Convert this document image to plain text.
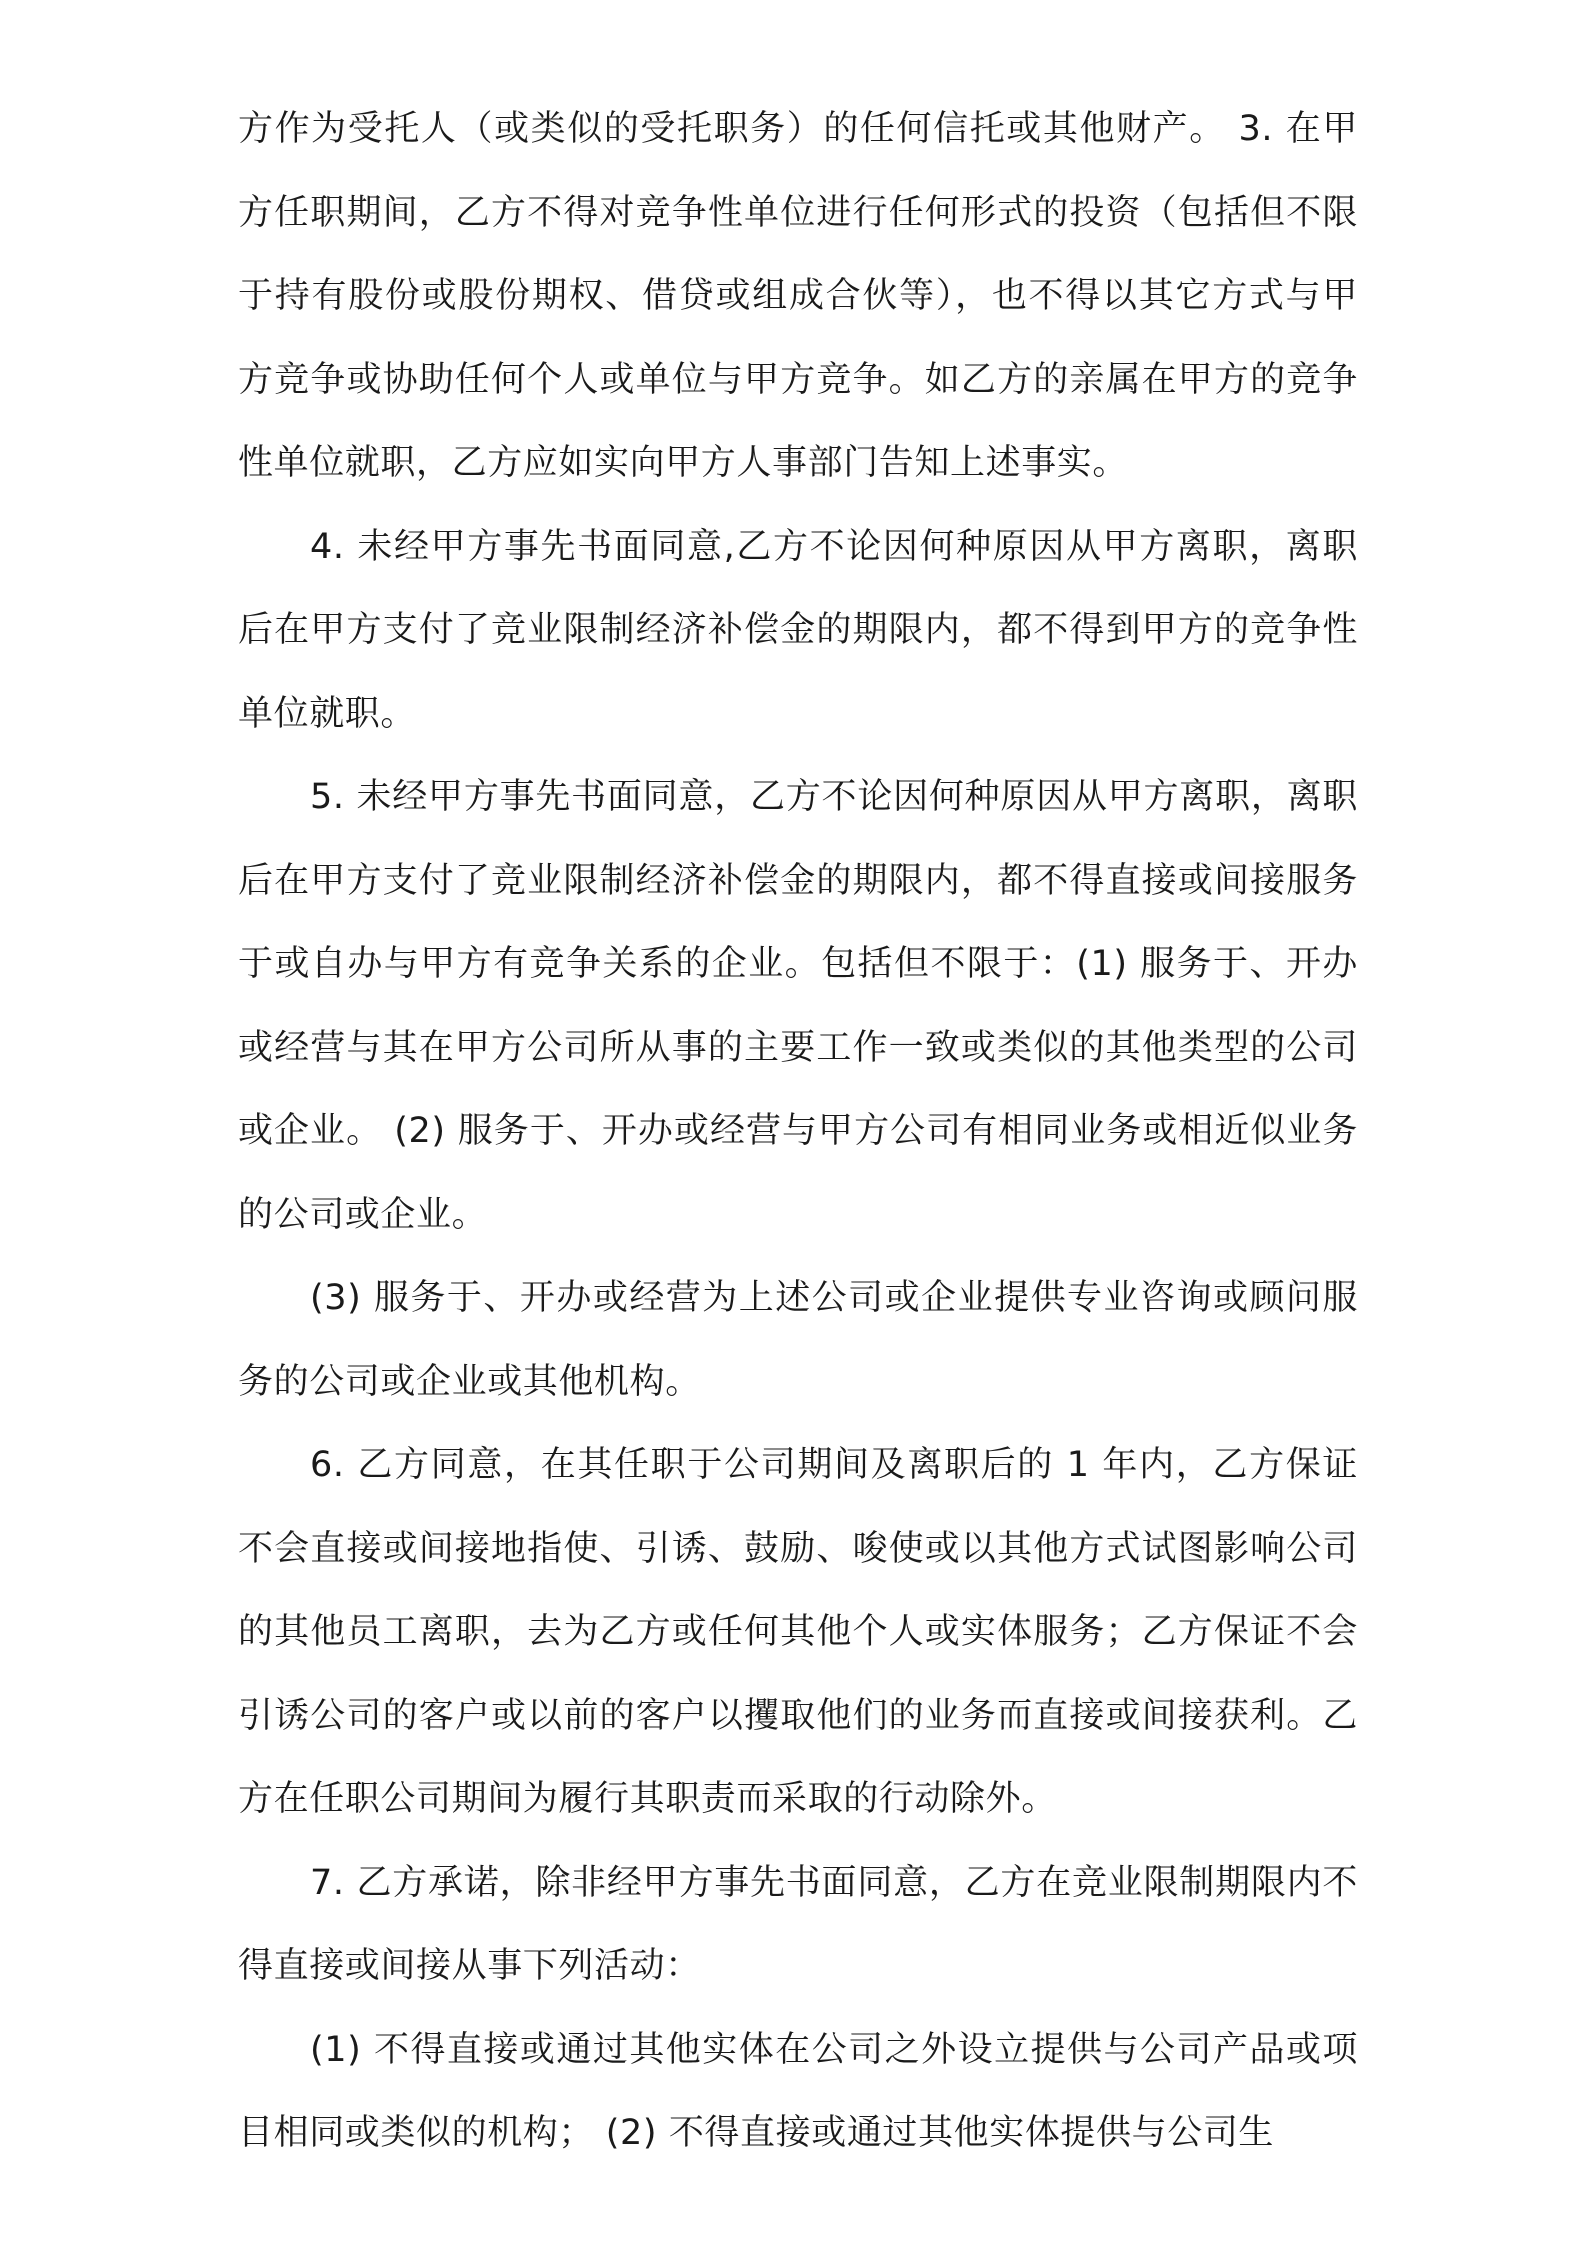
方作为受托人（或类似的受托职务）的任何信托或其他财产。 3. 在甲方任职期间，乙方不得对竞争性单位进行任何形式的投资（包括但不限于持有股份或股份期权、借贷或组成合伙等），也不得以其它方式与甲方竞争或协助任何个人或单位与甲方竞争。如乙方的亲属在甲方的竞争性单位就职，乙方应如实向甲方人事部门告知上述事实。

4. 未经甲方事先书面同意,乙方不论因何种原因从甲方离职，离职后在甲方支付了竞业限制经济补偿金的期限内，都不得到甲方的竞争性单位就职。

5. 未经甲方事先书面同意，乙方不论因何种原因从甲方离职，离职后在甲方支付了竞业限制经济补偿金的期限内，都不得直接或间接服务于或自办与甲方有竞争关系的企业。包括但不限于：(1) 服务于、开办或经营与其在甲方公司所从事的主要工作一致或类似的其他类型的公司或企业。 (2) 服务于、开办或经营与甲方公司有相同业务或相近似业务的公司或企业。

(3) 服务于、开办或经营为上述公司或企业提供专业咨询或顾问服务的公司或企业或其他机构。

6. 乙方同意，在其任职于公司期间及离职后的 1 年内，乙方保证不会直接或间接地指使、引诱、鼓励、唆使或以其他方式试图影响公司的其他员工离职，去为乙方或任何其他个人或实体服务；乙方保证不会引诱公司的客户或以前的客户以攫取他们的业务而直接或间接获利。乙方在任职公司期间为履行其职责而采取的行动除外。

7. 乙方承诺，除非经甲方事先书面同意，乙方在竞业限制期限内不得直接或间接从事下列活动：

(1) 不得直接或通过其他实体在公司之外设立提供与公司产品或项目相同或类似的机构； (2) 不得直接或通过其他实体提供与公司生
